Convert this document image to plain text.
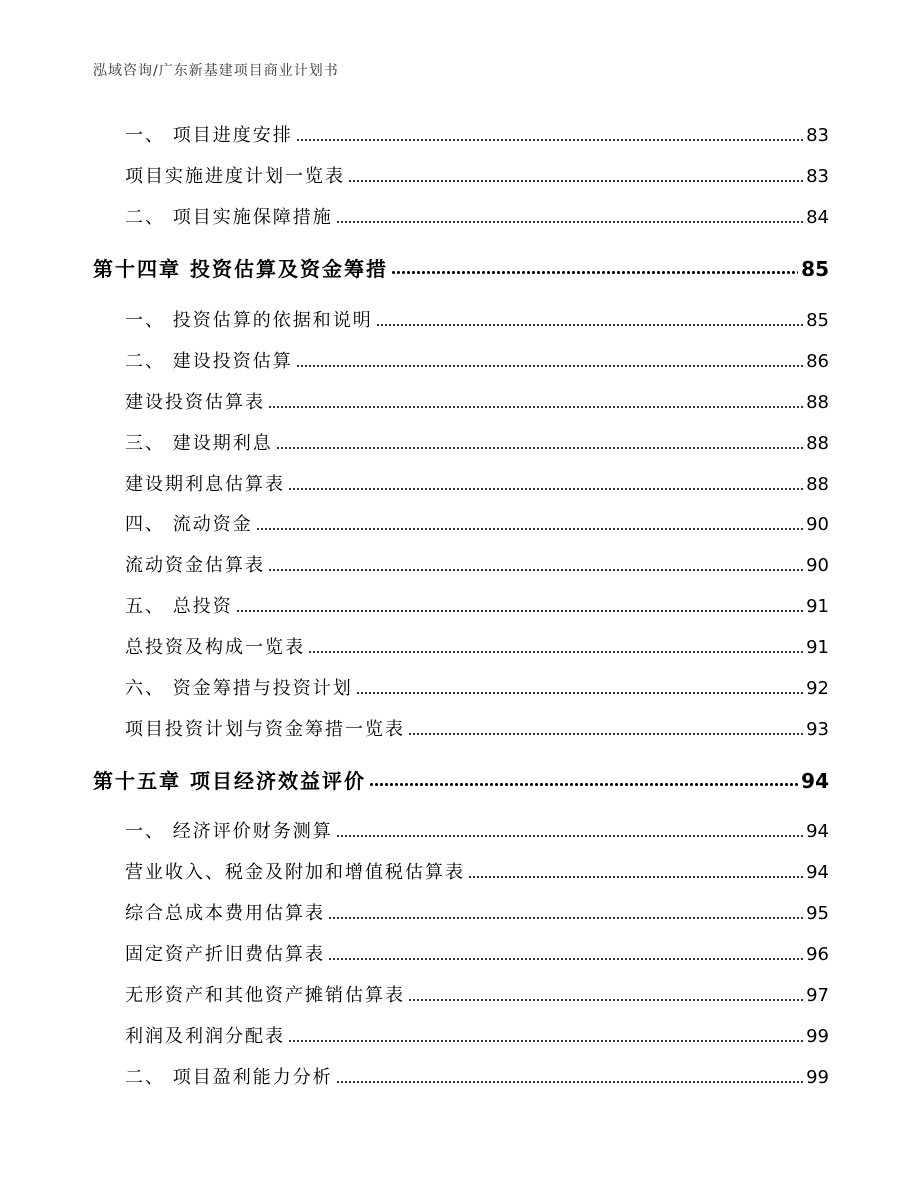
泓域咨询/广东新基建项目商业计划书
一、 项目进度安排	83
项目实施进度计划一览表	83
二、 项目实施保障措施	84
第十四章 投资估算及资金筹措	85
一、 投资估算的依据和说明	85
二、 建设投资估算	86
建设投资估算表	88
三、 建设期利息	88
建设期利息估算表	88
四、 流动资金	90
流动资金估算表	90
五、 总投资	91
总投资及构成一览表	91
六、 资金筹措与投资计划	92
项目投资计划与资金筹措一览表	93
第十五章 项目经济效益评价	94
一、 经济评价财务测算	94
营业收入、税金及附加和增值税估算表	94
综合总成本费用估算表	95
固定资产折旧费估算表	96
无形资产和其他资产摊销估算表	97
利润及利润分配表	99
二、 项目盈利能力分析	99
